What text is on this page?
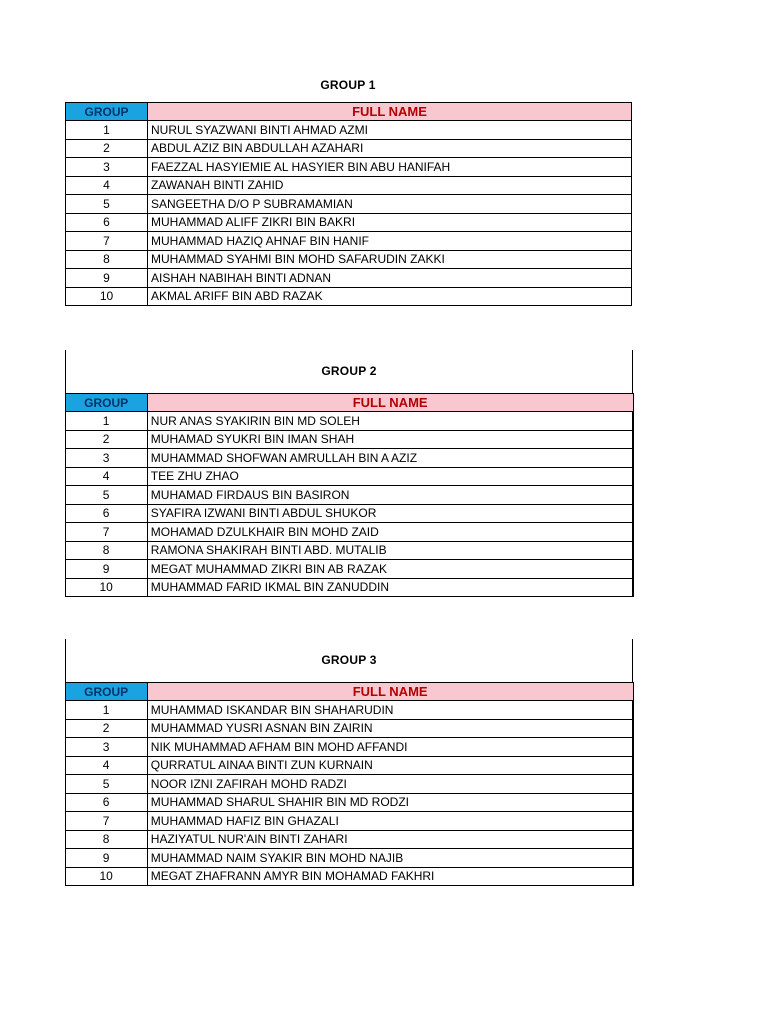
GROUP 1
GROUP	FULL NAME
1	NURUL SYAZWANI BINTI AHMAD AZMI
2	ABDUL AZIZ BIN ABDULLAH AZAHARI
3	FAEZZAL HASYIEMIE AL HASYIER BIN ABU HANIFAH
4	ZAWANAH BINTI ZAHID
5	SANGEETHA D/O P SUBRAMAMIAN
6	MUHAMMAD ALIFF ZIKRI BIN BAKRI
7	MUHAMMAD HAZIQ AHNAF BIN HANIF
8	MUHAMMAD SYAHMI BIN MOHD SAFARUDIN ZAKKI
9	AISHAH NABIHAH BINTI ADNAN
10	AKMAL ARIFF BIN ABD RAZAK
GROUP 2
GROUP	FULL NAME
1	NUR ANAS SYAKIRIN BIN MD SOLEH
2	MUHAMAD SYUKRI BIN IMAN SHAH
3	MUHAMMAD SHOFWAN AMRULLAH BIN A AZIZ
4	TEE ZHU ZHAO
5	MUHAMAD FIRDAUS BIN BASIRON
6	SYAFIRA IZWANI BINTI ABDUL SHUKOR
7	MOHAMAD DZULKHAIR BIN MOHD ZAID
8	RAMONA SHAKIRAH BINTI ABD. MUTALIB
9	MEGAT MUHAMMAD ZIKRI BIN AB RAZAK
10	MUHAMMAD FARID IKMAL BIN ZANUDDIN
GROUP 3
GROUP	FULL NAME
1	MUHAMMAD ISKANDAR BIN SHAHARUDIN
2	MUHAMMAD YUSRI ASNAN BIN ZAIRIN
3	NIK MUHAMMAD AFHAM BIN MOHD AFFANDI
4	QURRATUL AINAA BINTI ZUN KURNAIN
5	NOOR IZNI ZAFIRAH MOHD RADZI
6	MUHAMMAD SHARUL SHAHIR BIN MD RODZI
7	MUHAMMAD HAFIZ BIN GHAZALI
8	HAZIYATUL NUR'AIN BINTI ZAHARI
9	MUHAMMAD NAIM SYAKIR BIN MOHD NAJIB
10	MEGAT ZHAFRANN AMYR BIN MOHAMAD FAKHRI
